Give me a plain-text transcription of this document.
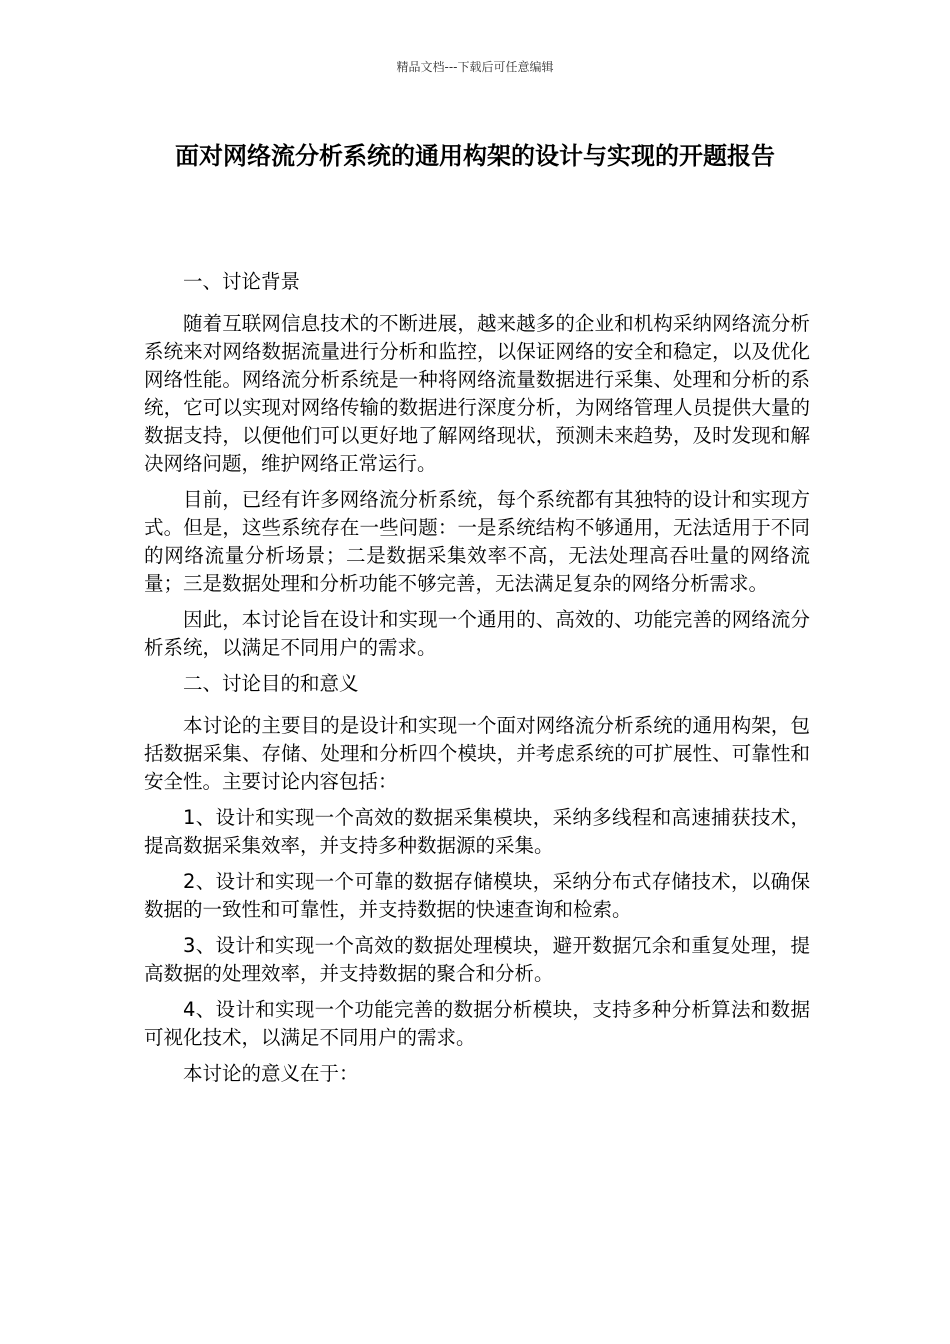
精品文档---下载后可任意编辑
面对网络流分析系统的通用构架的设计与实现的开题报告

一、讨论背景

随着互联网信息技术的不断进展，越来越多的企业和机构采纳网络流分析系统来对网络数据流量进行分析和监控，以保证网络的安全和稳定，以及优化网络性能。网络流分析系统是一种将网络流量数据进行采集、处理和分析的系统，它可以实现对网络传输的数据进行深度分析，为网络管理人员提供大量的数据支持，以便他们可以更好地了解网络现状，预测未来趋势，及时发现和解决网络问题，维护网络正常运行。

目前，已经有许多网络流分析系统，每个系统都有其独特的设计和实现方式。但是，这些系统存在一些问题：一是系统结构不够通用，无法适用于不同的网络流量分析场景；二是数据采集效率不高，无法处理高吞吐量的网络流量；三是数据处理和分析功能不够完善，无法满足复杂的网络分析需求。

因此，本讨论旨在设计和实现一个通用的、高效的、功能完善的网络流分析系统，以满足不同用户的需求。

二、讨论目的和意义

本讨论的主要目的是设计和实现一个面对网络流分析系统的通用构架，包括数据采集、存储、处理和分析四个模块，并考虑系统的可扩展性、可靠性和安全性。主要讨论内容包括：

1、设计和实现一个高效的数据采集模块，采纳多线程和高速捕获技术，提高数据采集效率，并支持多种数据源的采集。

2、设计和实现一个可靠的数据存储模块，采纳分布式存储技术，以确保数据的一致性和可靠性，并支持数据的快速查询和检索。

3、设计和实现一个高效的数据处理模块，避开数据冗余和重复处理，提高数据的处理效率，并支持数据的聚合和分析。

4、设计和实现一个功能完善的数据分析模块，支持多种分析算法和数据可视化技术，以满足不同用户的需求。

本讨论的意义在于：
